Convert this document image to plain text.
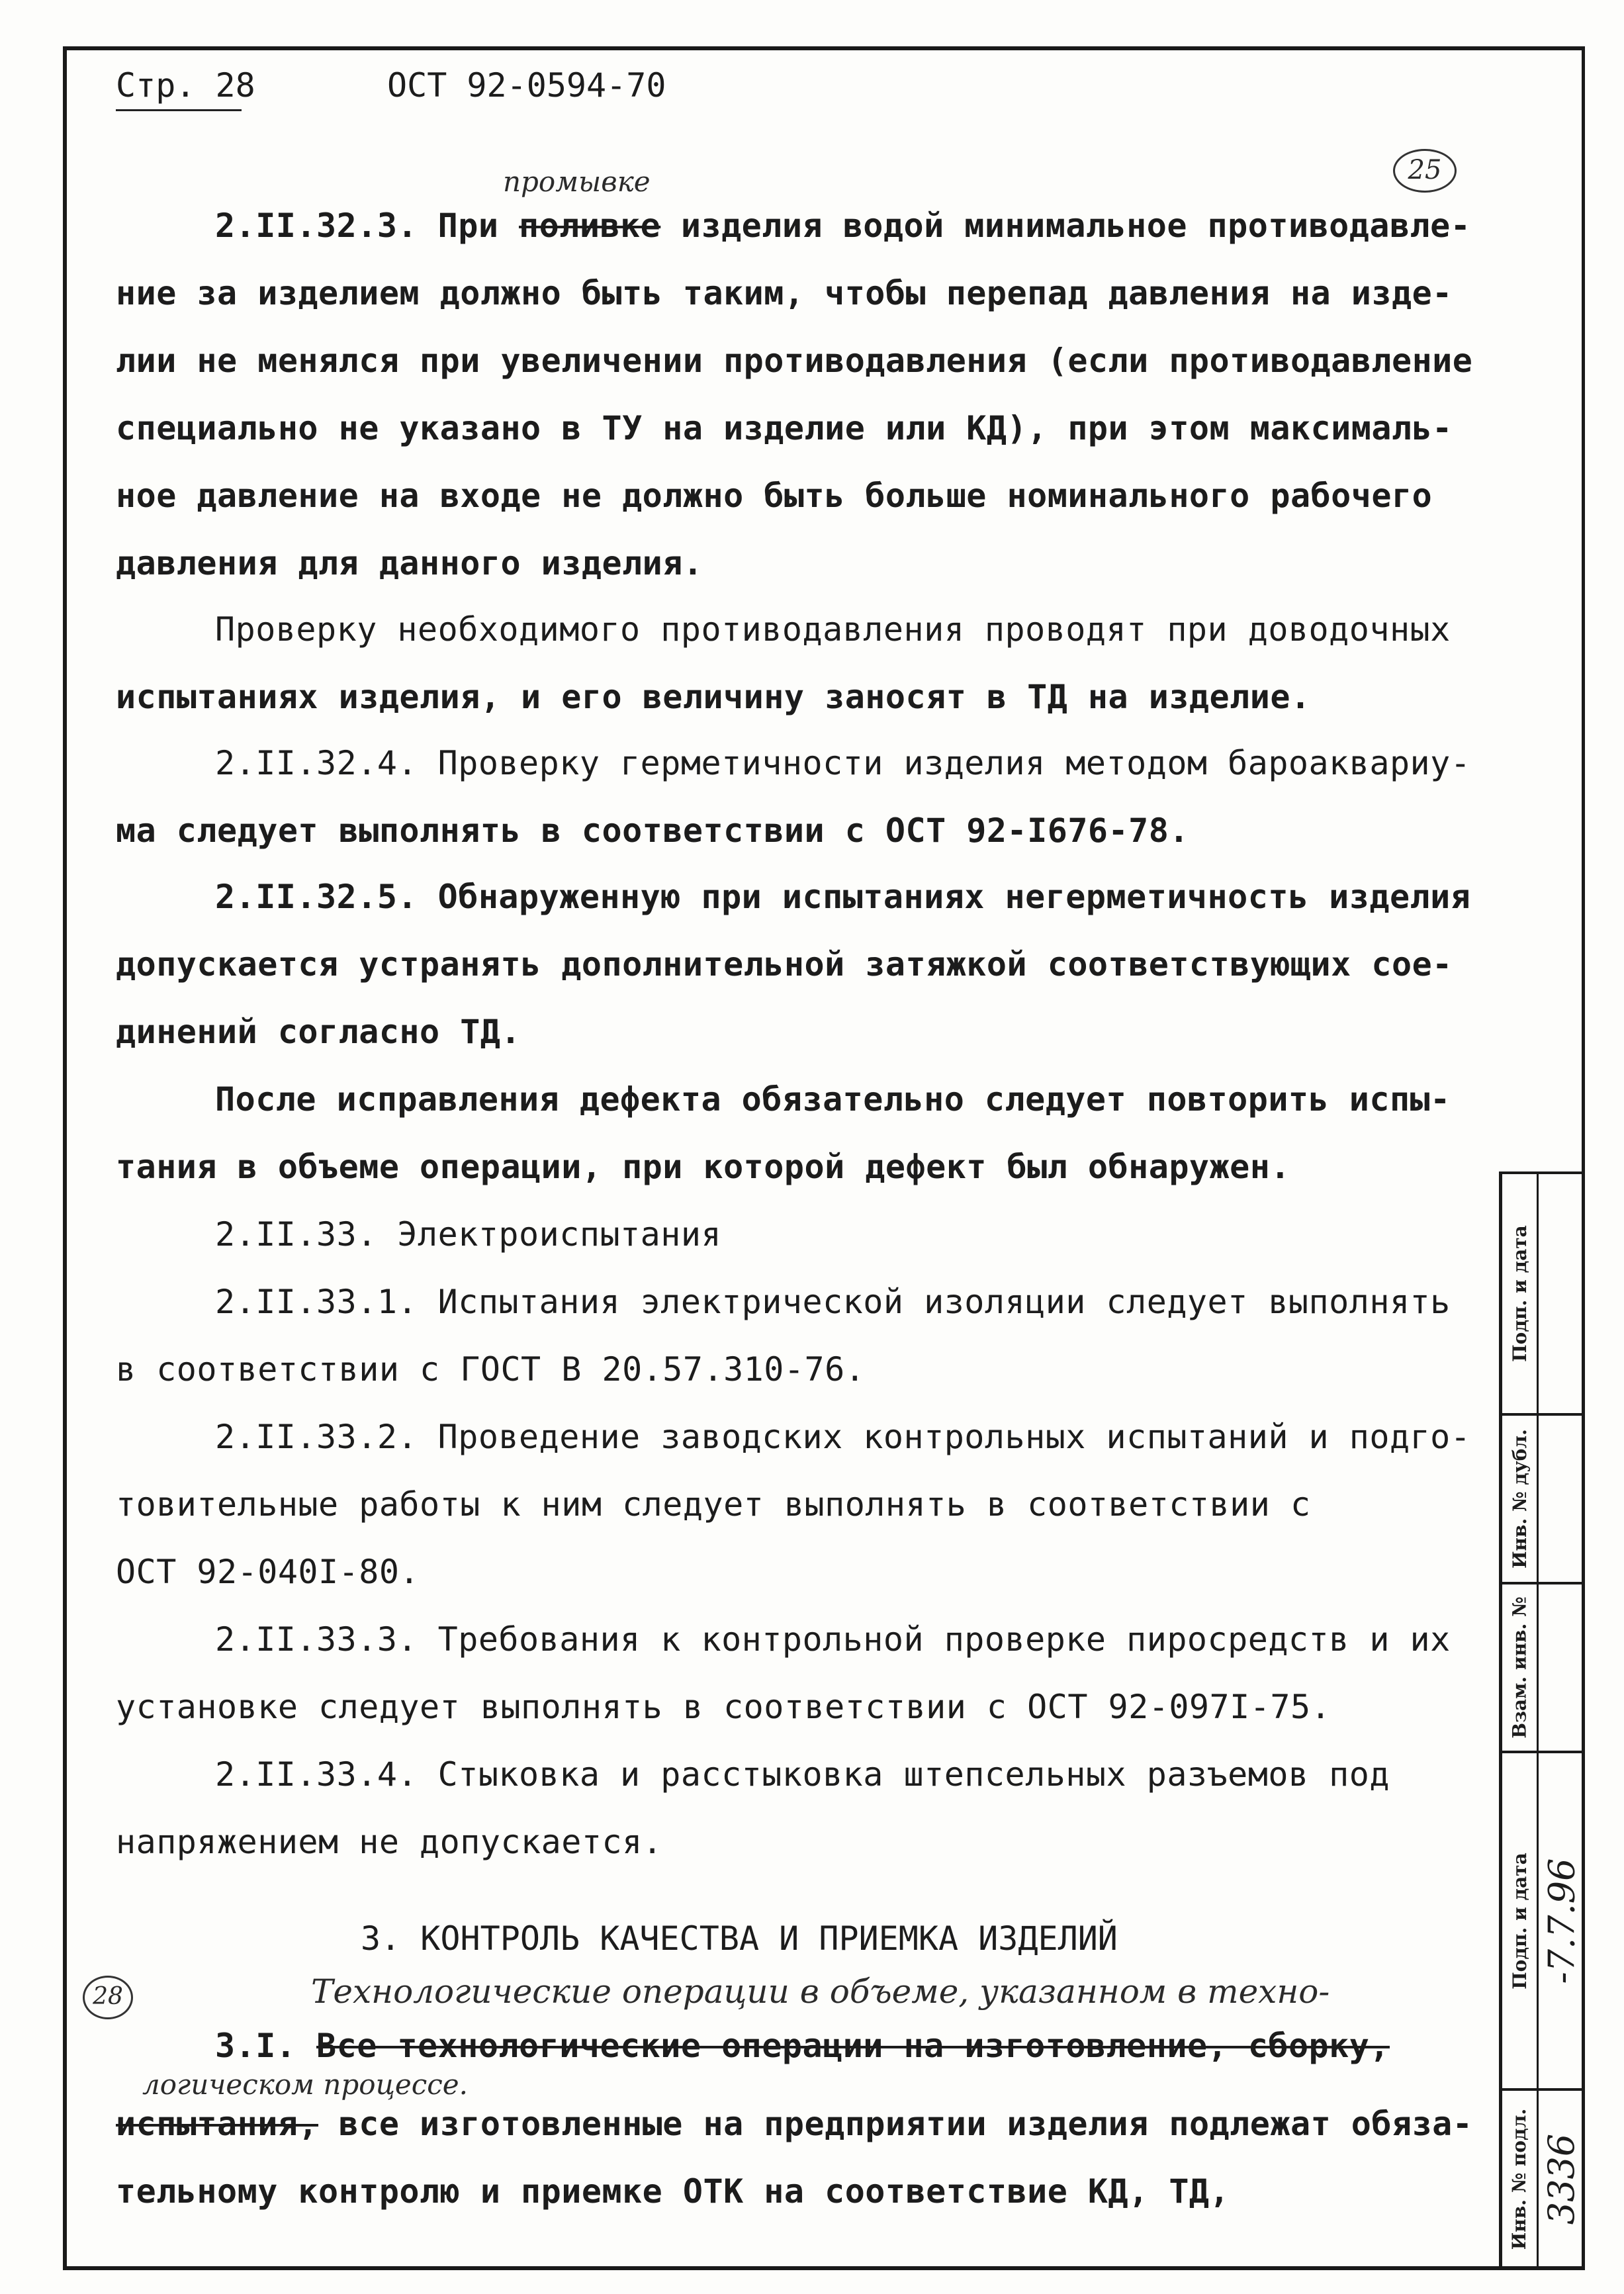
Стр. 28

	ОСТ 92-0594-70

25
промывке
2.II.32.3. При поливке изделия водой минимальное противодавле-
ние за изделием должно быть таким, чтобы перепад давления на изде-
лии не менялся при увеличении противодавления (если противодавление
специально не указано в ТУ на изделие или КД), при этом максималь-
ное давление на входе не должно быть больше номинального рабочего
давления для данного изделия.
Проверку необходимого противодавления проводят при доводочных
испытаниях изделия, и его величину заносят в ТД на изделие.
2.II.32.4. Проверку герметичности изделия методом бароаквариу-
ма следует выполнять в соответствии с ОСТ 92-I676-78.
2.II.32.5. Обнаруженную при испытаниях негерметичность изделия
допускается устранять дополнительной затяжкой соответствующих сое-
динений согласно ТД.
После исправления дефекта обязательно следует повторить испы-
тания в объеме операции, при которой дефект был обнаружен.
2.II.33. Электроиспытания
2.II.33.1. Испытания электрической изоляции следует выполнять
в соответствии с ГОСТ В 20.57.310-76.
2.II.33.2. Проведение заводских контрольных испытаний и подго-
товительные работы к ним следует выполнять в соответствии с
ОСТ 92-040I-80.
2.II.33.3. Требования к контрольной проверке пиросредств и их
установке следует выполнять в соответствии с ОСТ 92-097I-75.
2.II.33.4. Стыковка и расстыковка штепсельных разъемов под
напряжением не допускается.
3. КОНТРОЛЬ КАЧЕСТВА И ПРИЕМКА ИЗДЕЛИЙ
Технологические операции в объеме, указанном в техно-
28
3.I. Все технологические операции на изготовление, сборку,
логическом процессе.
испытания, все изготовленные на предприятии изделия подлежат обяза-
тельному контролю и приемке ОТК на соответствие КД, ТД,
Подп. и дата
Инв. № дубл.
Взам. инв. №
Подп. и дата -7.7.96
Инв. № подл. 3336
